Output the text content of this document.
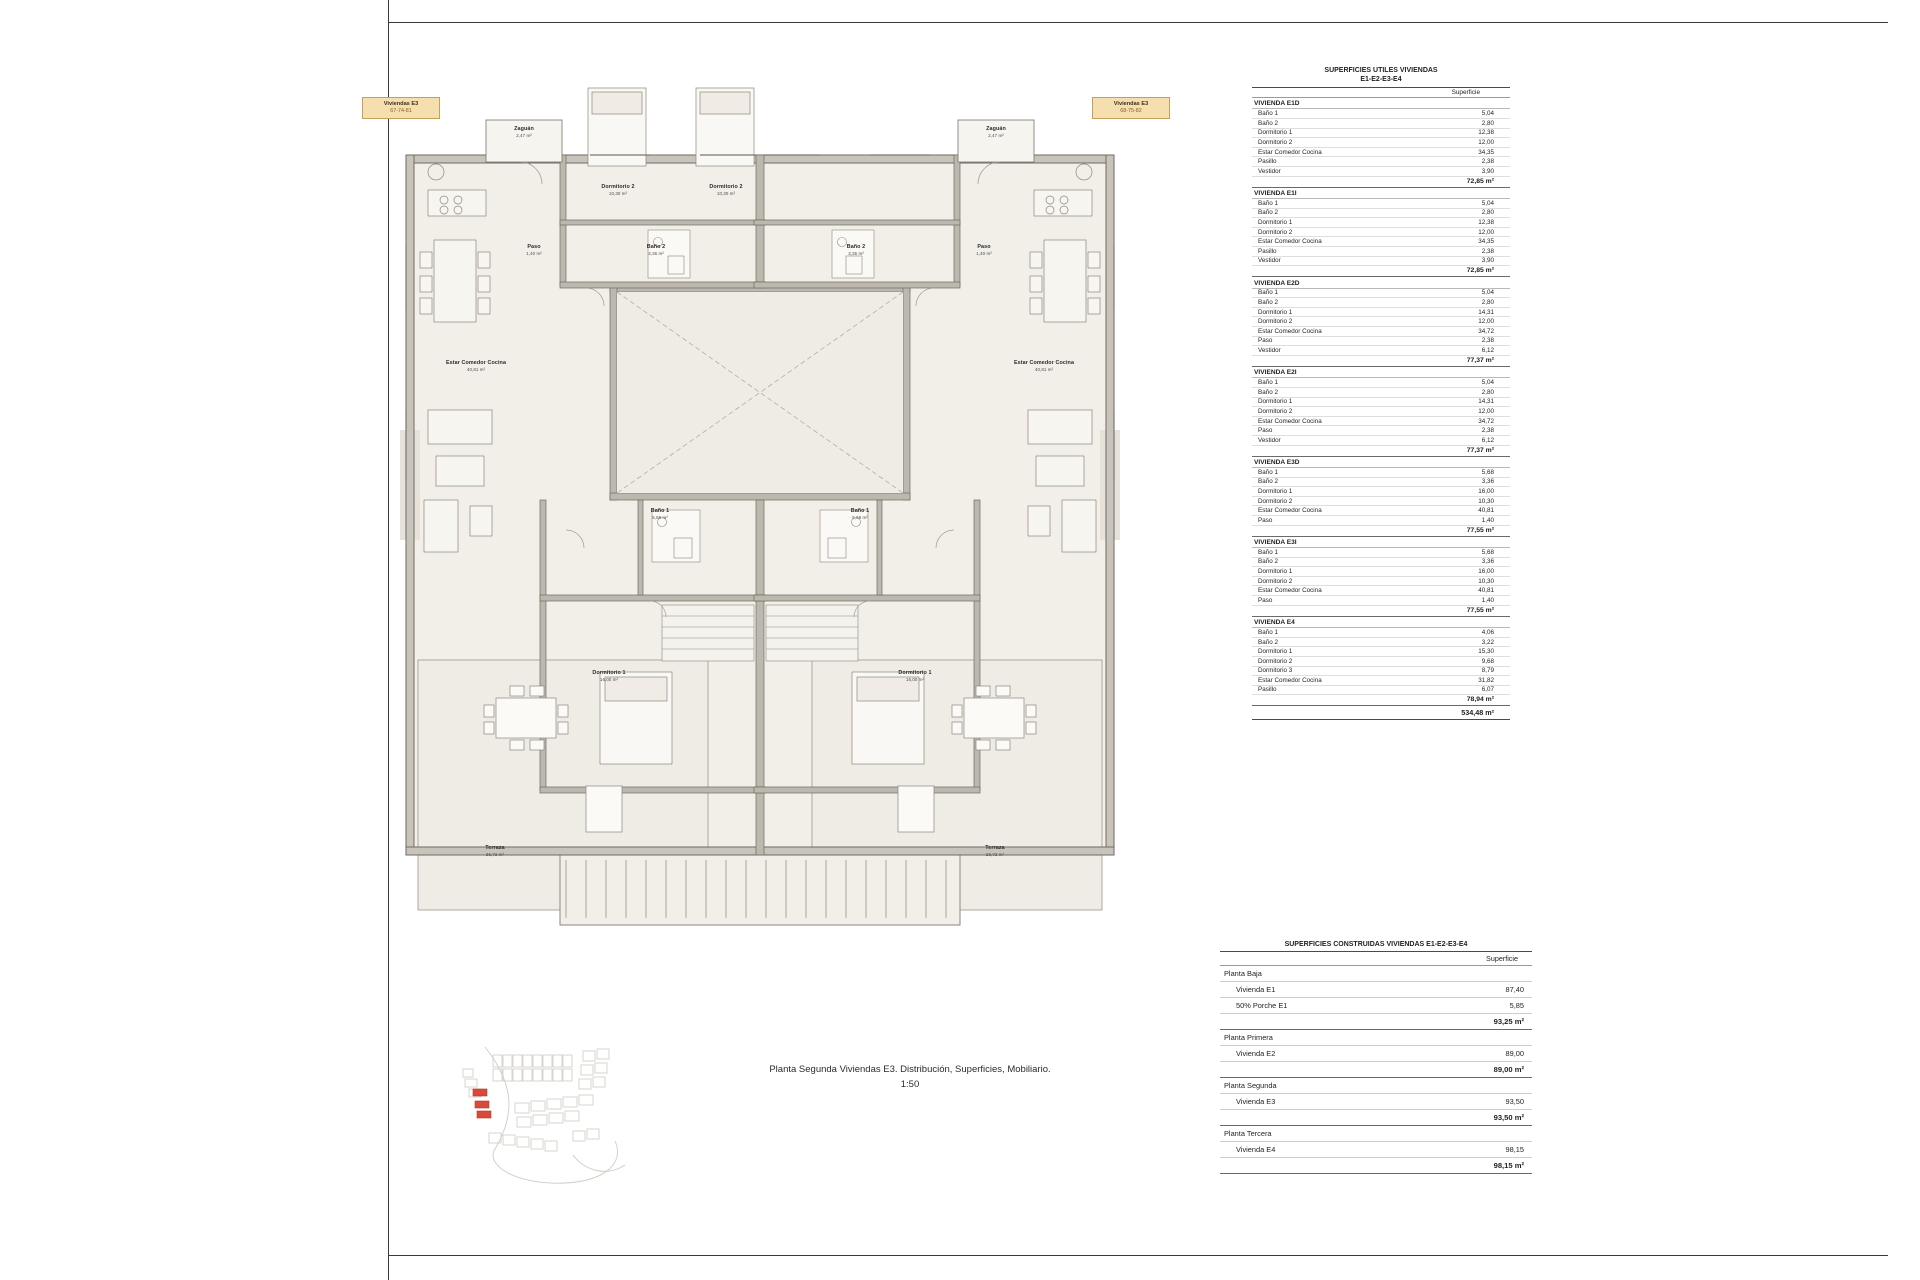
Zaguán
2,47 m²
Zaguán
2,47 m²
Dormitorio 2
10,30 m²
Dormitorio 2
10,30 m²
Paso
1,40 m²
Paso
1,40 m²
Baño 2
3,36 m²
Baño 2
3,36 m²
Estar Comedor Cocina
40,81 m²
Estar Comedor Cocina
40,81 m²
Baño 1
5,68 m²
Baño 1
5,68 m²
Dormitorio 1
16,00 m²
Dormitorio 1
16,00 m²
Terraza
26,72 m²
Terraza
26,72 m²
Viviendas E3
67-74-81
Viviendas E3
68-75-82
Planta Segunda Viviendas E3. Distribución, Superficies, Mobiliario.
1:50
SUPERFICIES UTILES VIVIENDAS
E1-E2-E3-E4
Superficie
VIVIENDA E1D
Baño 1	5,04
Baño 2	2,80
Dormitorio 1	12,38
Dormitorio 2	12,00
Estar Comedor Cocina	34,35
Pasillo	2,38
Vestidor	3,90
72,85 m²
VIVIENDA E1I
Baño 1	5,04
Baño 2	2,80
Dormitorio 1	12,38
Dormitorio 2	12,00
Estar Comedor Cocina	34,35
Pasillo	2,38
Vestidor	3,90
72,85 m²
VIVIENDA E2D
Baño 1	5,04
Baño 2	2,80
Dormitorio 1	14,31
Dormitorio 2	12,00
Estar Comedor Cocina	34,72
Paso	2,38
Vestidor	6,12
77,37 m²
VIVIENDA E2I
Baño 1	5,04
Baño 2	2,80
Dormitorio 1	14,31
Dormitorio 2	12,00
Estar Comedor Cocina	34,72
Paso	2,38
Vestidor	6,12
77,37 m²
VIVIENDA E3D
Baño 1	5,68
Baño 2	3,36
Dormitorio 1	16,00
Dormitorio 2	10,30
Estar Comedor Cocina	40,81
Paso	1,40
77,55 m²
VIVIENDA E3I
Baño 1	5,68
Baño 2	3,36
Dormitorio 1	16,00
Dormitorio 2	10,30
Estar Comedor Cocina	40,81
Paso	1,40
77,55 m²
VIVIENDA E4
Baño 1	4,06
Baño 2	3,22
Dormitorio 1	15,30
Dormitorio 2	9,68
Dormitorio 3	8,79
Estar Comedor Cocina	31,82
Pasillo	6,07
78,94 m²
534,48 m²
SUPERFICIES CONSTRUIDAS VIVIENDAS E1-E2-E3-E4
Superficie
Planta Baja
Vivienda E1	87,40
50% Porche E1	5,85
93,25 m²
Planta Primera
Vivienda E2	89,00
89,00 m²
Planta Segunda
Vivienda E3	93,50
93,50 m²
Planta Tercera
Vivienda E4	98,15
98,15 m²
